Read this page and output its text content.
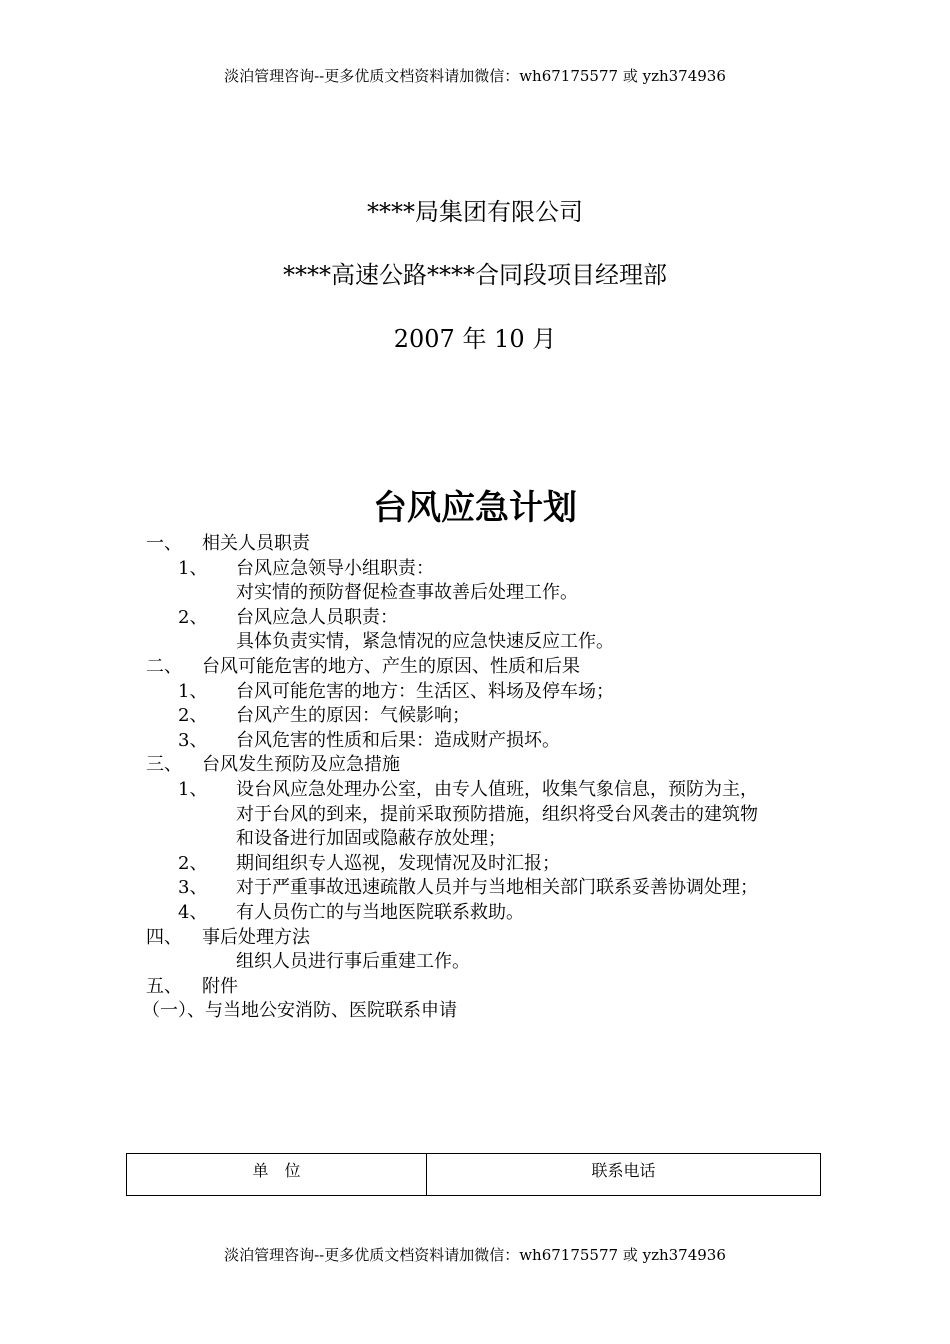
淡泊管理咨询--更多优质文档资料请加微信：wh67175577 或 yzh374936
****局集团有限公司
****高速公路****合同段项目经理部
2007 年 10 月
台风应急计划
一、 相关人员职责
1、 台风应急领导小组职责：
对实情的预防督促检查事故善后处理工作。
2、 台风应急人员职责：
具体负责实情，紧急情况的应急快速反应工作。
二、 台风可能危害的地方、产生的原因、性质和后果
1、 台风可能危害的地方：生活区、料场及停车场；
2、 台风产生的原因：气候影响；
3、 台风危害的性质和后果：造成财产损坏。
三、 台风发生预防及应急措施
1、 设台风应急处理办公室，由专人值班，收集气象信息，预防为主，
对于台风的到来，提前采取预防措施，组织将受台风袭击的建筑物
和设备进行加固或隐蔽存放处理；
2、 期间组织专人巡视，发现情况及时汇报；
3、 对于严重事故迅速疏散人员并与当地相关部门联系妥善协调处理；
4、 有人员伤亡的与当地医院联系救助。
四、 事后处理方法
组织人员进行事后重建工作。
五、 附件
（一）、与当地公安消防、医院联系申请
单　位	联系电话
淡泊管理咨询--更多优质文档资料请加微信：wh67175577 或 yzh374936
